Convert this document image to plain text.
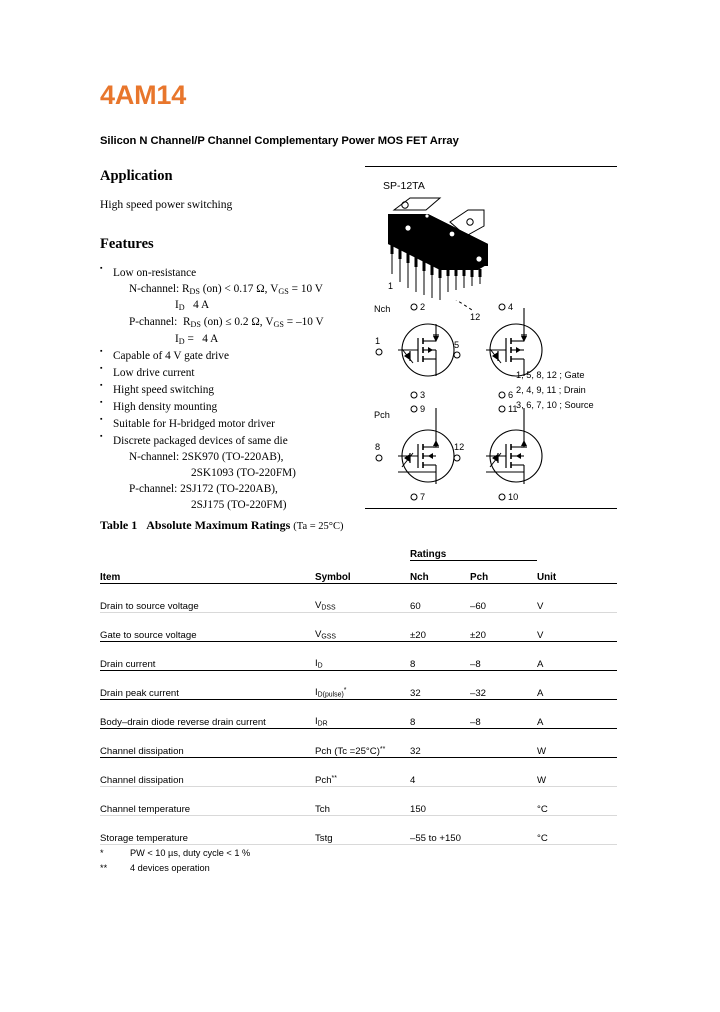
4AM14
Silicon N Channel/P Channel Complementary Power MOS FET Array
Application

High speed power switching

Features
▪ Low on-resistance
N-channel: $R_{DS}$ (on) < 0.17 Ω, $V_{GS} = 10$ V
$I_D$   4 A
P-channel:  $R_{DS}$ (on) ≤ 0.2 Ω, $V_{GS} = -10$ V
$I_D = 4$ A
▪ Capable of 4 V gate drive
▪ Low drive current
▪ Hight speed switching
▪ High density mounting
▪ Suitable for H-bridged motor driver
▪ Discrete packaged devices of same die
N-channel: 2SK970 (TO-220AB),
2SK1093 (TO-220FM)
P-channel: 2SJ172 (TO-220AB),
2SJ175 (TO-220FM)
SP-12TA
1
12
Nch	2
1
3
5
4
6
Pch
9	11
8
7
12
10
1, 5, 8, 12 ; Gate
2, 4, 9, 11 ; Drain
3, 6, 7, 10 ; Source
Table 1 Absolute Maximum Ratings (Ta = 25°C)
		Ratings		
Item	Symbol	Nch	Pch	Unit
Drain to source voltage	$V_{DSS}$	60	–60	V
Gate to source voltage	$V_{GSS}$	±20	±20	V
Drain current	$I_D$	8	–8	A
Drain peak current	$I_{D(pulse)}^*$	32	–32	A
Body–drain diode reverse drain current	$I_{DR}$	8	–8	A
Channel dissipation	Pch (Tc =25°C)**	32		W
Channel dissipation	Pch**	4		W
Channel temperature	Tch	150		°C
Storage temperature	Tstg	–55 to +150		°C
*	PW < 10 µs, duty cycle < 1 %
** 4 devices operation
